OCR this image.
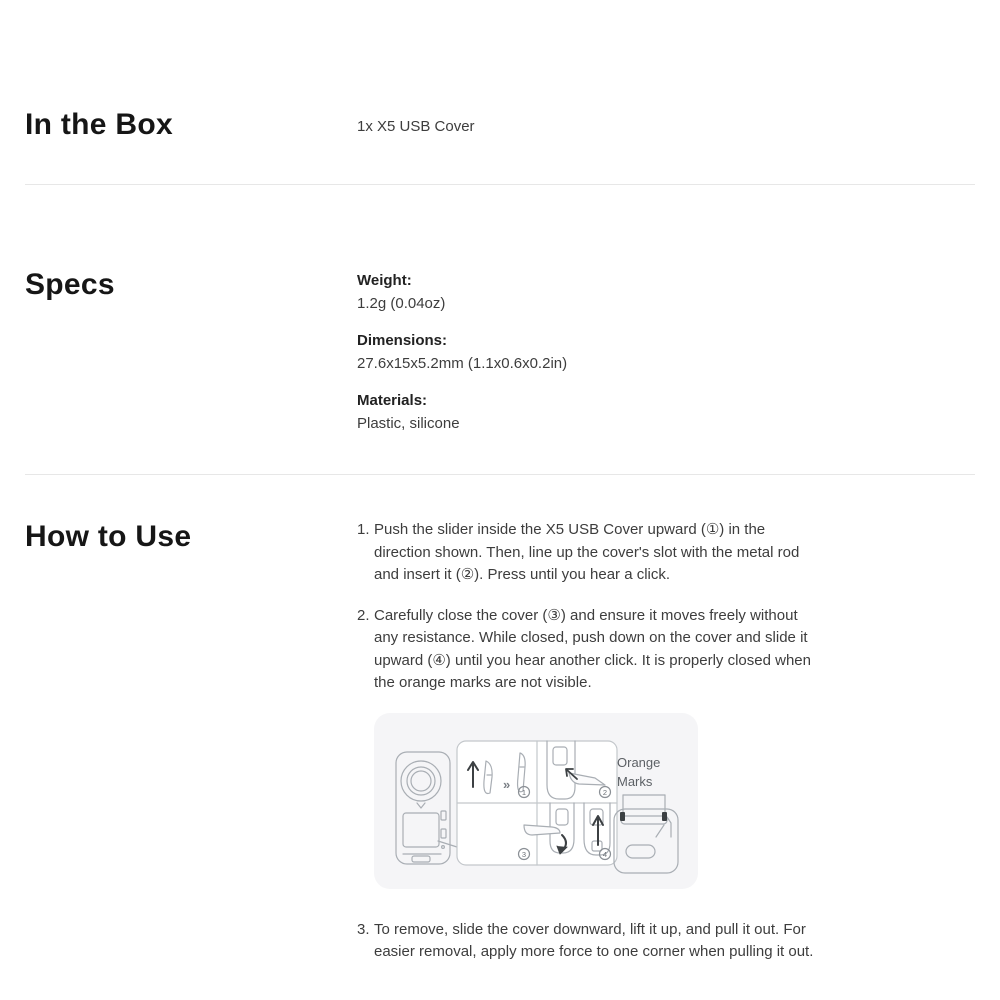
In the Box	1x X5 USB Cover
Specs	Weight:
1.2g (0.04oz)
Dimensions:
27.6x15x5.2mm (1.1x0.6x0.2in)
Materials:
Plastic, silicone
How to Use	1. Push the slider inside the X5 USB Cover upward (①) in the direction shown. Then, line up the cover's slot with the metal rod and insert it (②). Press until you hear a click.
2. Carefully close the cover (③) and ensure it moves freely without any resistance. While closed, push down on the cover and slide it upward (④) until you hear another click. It is properly closed when the orange marks are not visible.
»
1	2
3	4
Orange Marks
3. To remove, slide the cover downward, lift it up, and pull it out. For easier removal, apply more force to one corner when pulling it out.
